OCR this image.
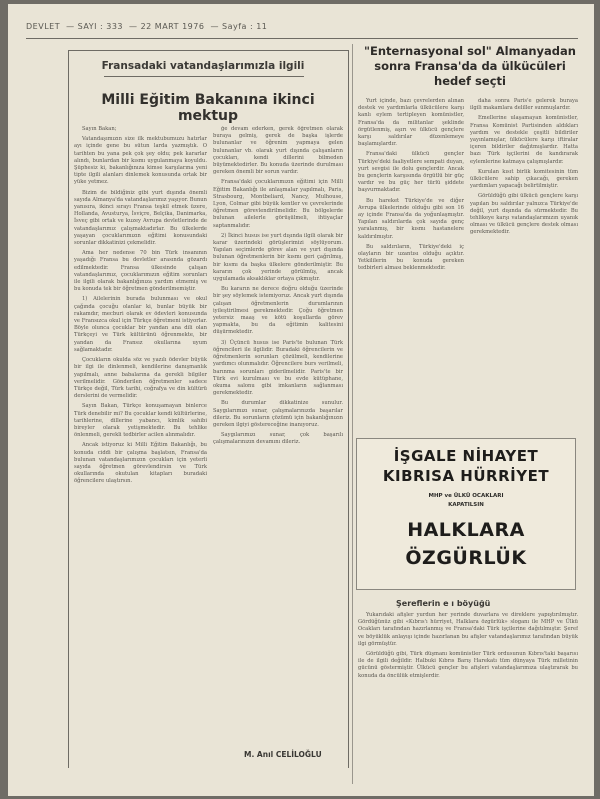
DEVLET — SAYI : 333 — 22 MART 1976 — Sayfa : 11
Fransadaki vatandaşlarımızla ilgili
Milli Eğitim Bakanına ikinci mektup

Sayın Bakan;

Vatandaşımızın size ilk mektubumuzu hatırlar ayı içinde gene bu sütun larda yazmıştık. O tarihten bu yana pek çok şey oldu; pek kararlar alındı, bunlardan bir kısmı uygulanmaya koyuldu. Şüphesiz ki, bakanlığınıza kimse karşılarına yeni tipte ilgili alanları dinlemek konusunda ortak bir yüke yetmez.

Bizim de bildiğiniz gibi yurt dışında önemli sayıda Almanya'da vatandaşlarımız yaşıyor. Bunun yanısıra, ikinci sırayı Fransa teşkil etmek üzere, Hollanda, Avusturya, İsviçre, Belçika, Danimarka, İsveç gibi ortak ve kuzey Avrupa devletlerinde de vatandaşlarımız çalışmaktadırlar. Bu ülkelerde yaşayan çocuklarımızın eğitimi konusundaki sorunlar dikkatinizi çekmelidir.

Ama her nedense 70 bin Türk insanının yaşadığı Fransa bu devletler arasında gözardı edilmektedir. Fransa ülkesinde çalışan vatandaşlarımız, çocuklarımızın eğitim sorunları ile ilgili olarak bakanlığınıza yardım etmemiş ve bu konuda tek bir öğretmen gönderilmemiştir.

1) Ailelerinin burada bulunması ve okul çağında çocuğu olanlar ki, bunlar büyük bir rakamdır, mecburi olarak ev ödevleri konusunda ve Fransızca okul için Türkçe öğretmeni istiyorlar. Böyle olunca çocuklar bir yandan ana dili olan Türkçeyi ve Türk kültürünü öğrenmekte, bir yandan da Fransız okullarına uyum sağlamaktadır.

Çocukların okulda söz ve yazılı ödevler büyük bir ilgi ile dinlenmeli, kendilerine danışmanlık yapılmalı, anne babalarına da gerekli bilgiler verilmelidir. Gönderilen öğretmenler sadece Türkçe değil, Türk tarihi, coğrafya ve din kültürü derslerini de vermelidir.

Sayın Bakan, Türkçe konuşamayan binlerce Türk denebilir mi? Bu çocuklar kendi kültürlerine, tarihlerine, dillerine yabancı, kimlik sahibi bireyler olarak yetişmektedir. Bu tehlike önlenmeli, gerekli tedbirler acilen alınmalıdır.

Ancak istiyoruz ki Milli Eğitim Bakanlığı, bu konuda ciddi bir çalışma başlatsın, Fransa'da bulunan vatandaşlarımızın çocukları için yeterli sayıda öğretmen görevlendirsin ve Türk okullarında okutulan kitapları buradaki öğrencilere ulaştırsın.

ğe devam ederken, gerek öğretmen olarak buraya gelmiş, gerek de başka işlerde bulunanlar ve öğrenim yapmaya gelen bulunanlar vb. olarak yurt dışında çalışanların çocukları, kendi dillerini bilmeden büyümektedirler. Bu konuda üzerinde durulması gereken önemli bir sorun vardır.

Fransa'daki çocuklarımızın eğitimi için Milli Eğitim Bakanlığı ile anlaşmalar yapılmalı, Paris, Strasbourg, Montbeliard, Nancy, Mulhouse, Lyon, Colmar gibi büyük kentler ve çevrelerinde öğretmen görevlendirilmelidir. Bu bölgelerde bulunan ailelerle görüşülmeli, ihtiyaçlar saptanmalıdır.

2) İkinci husus ise yurt dışında ilgili olarak bir karar üzerindeki görüşlerimizi söylüyorum. Yapılan seçimlerde görev alan ve yurt dışında bulunan öğretmenlerin bir kısmı geri çağrılmış, bir kısmı da başka ülkelere gönderilmiştir. Bu kararın çok yerinde görülmüş, ancak uygulamada aksaklıklar ortaya çıkmıştır.

Bu kararın ne derece doğru olduğu üzerinde bir şey söylemek istemiyoruz. Ancak yurt dışında çalışan öğretmenlerin durumlarının iyileştirilmesi gerekmektedir. Çoğu öğretmen yetersiz maaş ve kötü koşullarda görev yapmakta, bu da eğitimin kalitesini düşürmektedir.

3) Üçüncü husus ise Paris'te bulunan Türk öğrencileri ile ilgilidir. Buradaki öğrencilerin ve öğretmenlerin sorunları çözülmeli, kendilerine yardımcı olunmalıdır. Öğrencilere burs verilmeli, barınma sorunları giderilmelidir. Paris'te bir Türk evi kurulması ve bu evde kütüphane, okuma salonu gibi imkanların sağlanması gerekmektedir.

Bu durumlar dikkatinize sunulur. Saygılarımızı sunar, çalışmalarınızda başarılar dileriz. Bu sorunların çözümü için bakanlığınızın gereken ilgiyi göstereceğine inanıyoruz.

Saygılarımızı sunar, çok başarılı çalışmalarınızın devamını dileriz.

M. Anıl CELİLOĞLU
"Enternasyonal sol" Almanyadan
sonra Fransa'da da ülkücüleri
hedef seçti

Yurt içinde, bazı çevrelerden alınan destek ve yardımlarla ülkücülere karşı kanlı eylem tertipleyen komünistler, Fransa'da da militanlar şeklinde örgütlenmiş, aşırı ve ülkücü gençlere karşı saldırılar düzenlemeye başlamışlardır.

Fransa'daki ülkücü gençler Türkiye'deki faaliyetlere sempati duyan, yurt sevgisi ile dolu gençlerdir. Ancak bu gençlerin karşısında örgütlü bir güç vardır ve bu güç her türlü şiddete başvurmaktadır.

Bu hareket Türkiye'de ve diğer Avrupa ülkelerinde olduğu gibi son 16 ay içinde Fransa'da da yoğunlaşmıştır. Yapılan saldırılarda çok sayıda genç yaralanmış, bir kısmı hastanelere kaldırılmıştır.

Bu saldırıların, Türkiye'deki iç olayların bir uzantısı olduğu açıktır. Yetkililerin bu konuda gereken tedbirleri alması beklenmektedir.

daha sonra Paris'e gelerek buraya ilgili makamlara deliller sunmuşlardır.

Emellerine ulaşamayan komünistler, Fransa Komünist Partisinden aldıkları yardım ve destekle çeşitli bildiriler yayınlamışlar, ülkücülere karşı iftiralar içeren bildiriler dağıtmışlardır. Hatta bazı Türk işçilerini de kandırarak eylemlerine katmaya çalışmışlardır.

Kurulan kısıt birlik komitesinin tüm ülkücülere sahip çıkacağı, gereken yardımları yapacağı belirtilmiştir.

Görüldüğü gibi ülkücü gençlere karşı yapılan bu saldırılar yalnızca Türkiye'de değil, yurt dışında da sürmektedir. Bu tehlikeye karşı vatandaşlarımızın uyanık olması ve ülkücü gençlere destek olması gerekmektedir.

İŞGALE NİHAYET
KIBRISA HÜRRİYET
MHP ve ÜLKÜ OCAKLARI
KAPATILSIN
HALKLARA
ÖZGÜRLÜK
Şereflerin e ı böyüğü

Yukarıdaki afişler yurdun her yerinde duvarlara ve direklere yapıştırılmıştır. Gördüğünüz gibi «Kıbrıs'ı hürriyet, Halklara özgürlük» sloganı ile MHP ve Ülkü Ocakları tarafından hazırlanmış ve Fransa'daki Türk işçilerine dağıtılmıştır. Şeref ve böyüklük anlayışı içinde hazırlanan bu afişler vatandaşlarımız tarafından büyük ilgi görmüştür.

Görüldüğü gibi, Türk düşmanı komünistler Türk ordusunun Kıbrıs'taki başarısı ile de ilgili değildir. Halbuki Kıbrıs Barış Harekatı tüm dünyaya Türk milletinin gücünü göstermiştir. Ülkücü gençler bu afişleri vatandaşlarımıza ulaştırarak bu konuda da öncülük etmişlerdir.
